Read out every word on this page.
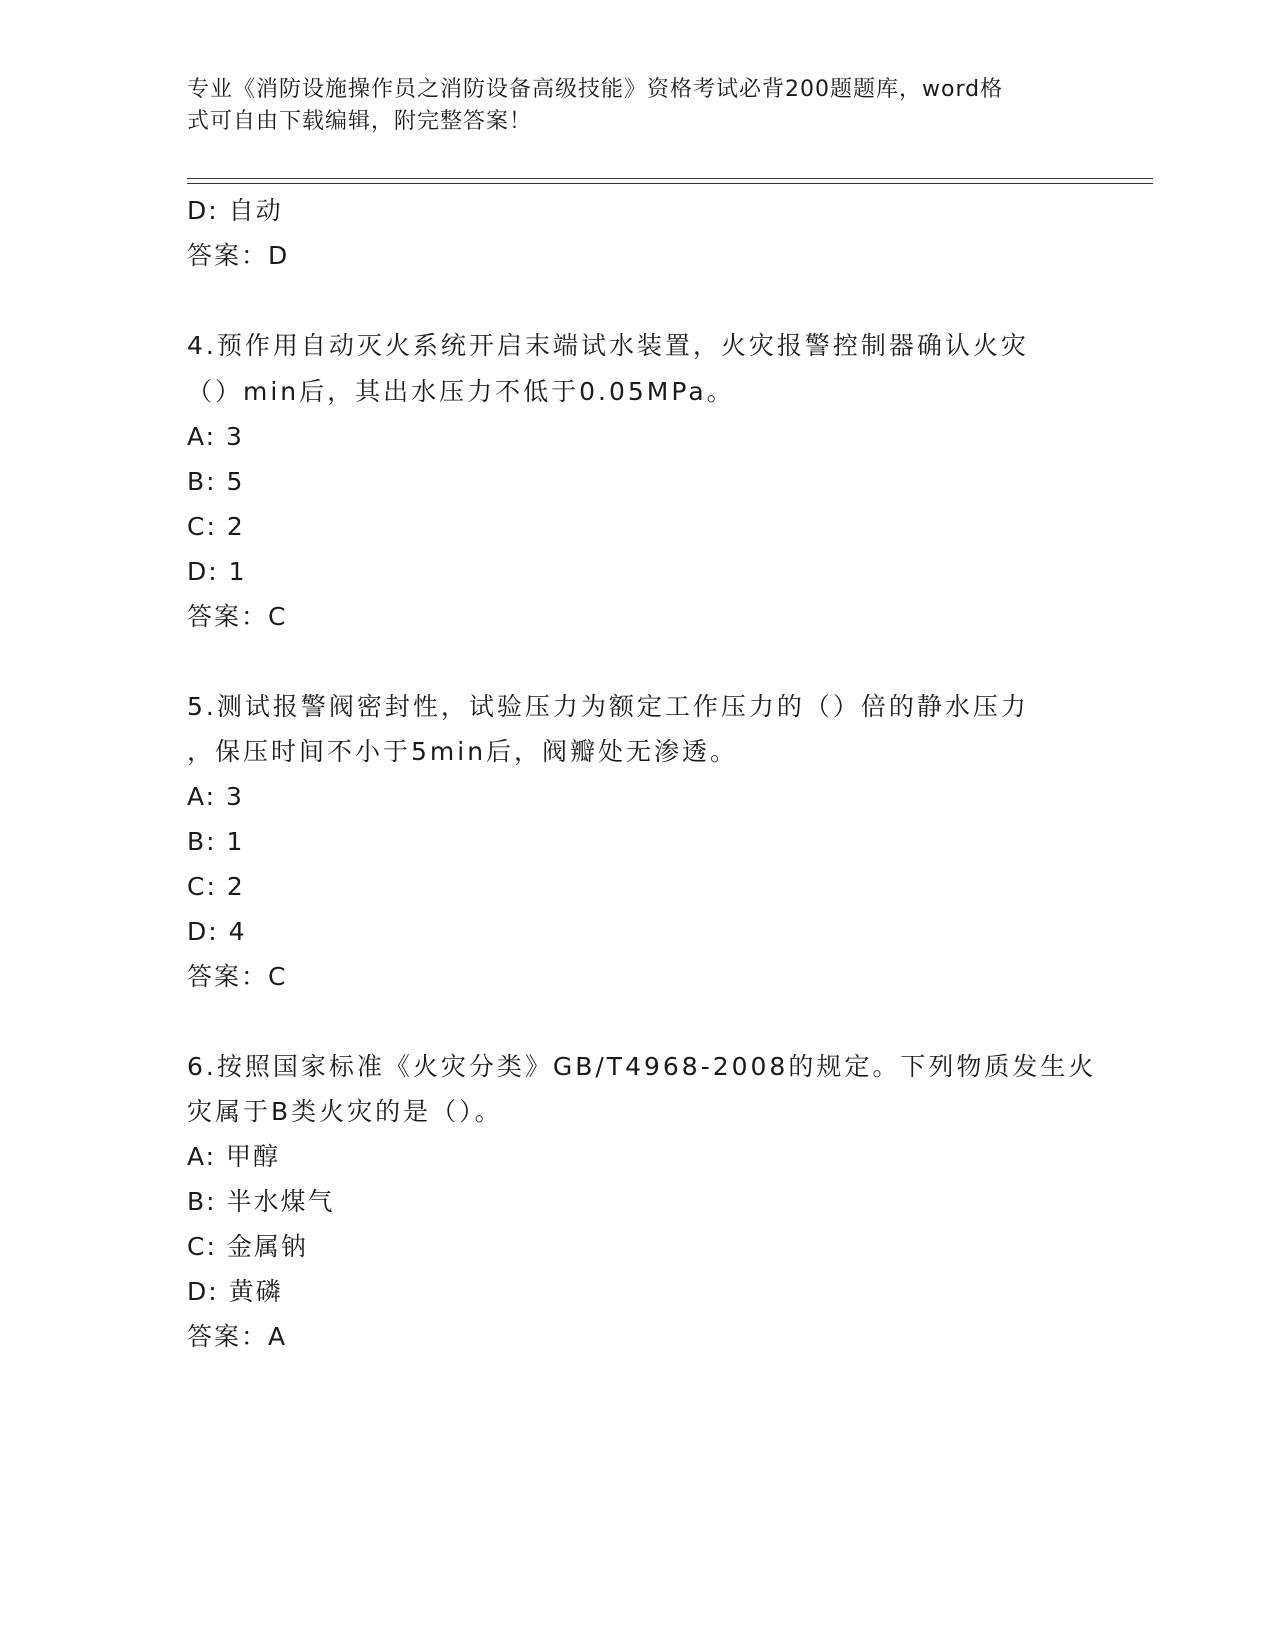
专业《消防设施操作员之消防设备高级技能》资格考试必背200题题库，word格
式可自由下载编辑，附完整答案！
D: 自动
答案：D
4.预作用自动灭火系统开启末端试水装置，火灾报警控制器确认火灾
（）min后，其出水压力不低于0.05MPa。
A: 3
B: 5
C: 2
D: 1
答案：C
5.测试报警阀密封性，试验压力为额定工作压力的（）倍的静水压力
，保压时间不小于5min后，阀瓣处无渗透。
A: 3
B: 1
C: 2
D: 4
答案：C
6.按照国家标准《火灾分类》GB/T4968-2008的规定。下列物质发生火
灾属于B类火灾的是（）。
A: 甲醇
B: 半水煤气
C: 金属钠
D: 黄磷
答案：A
